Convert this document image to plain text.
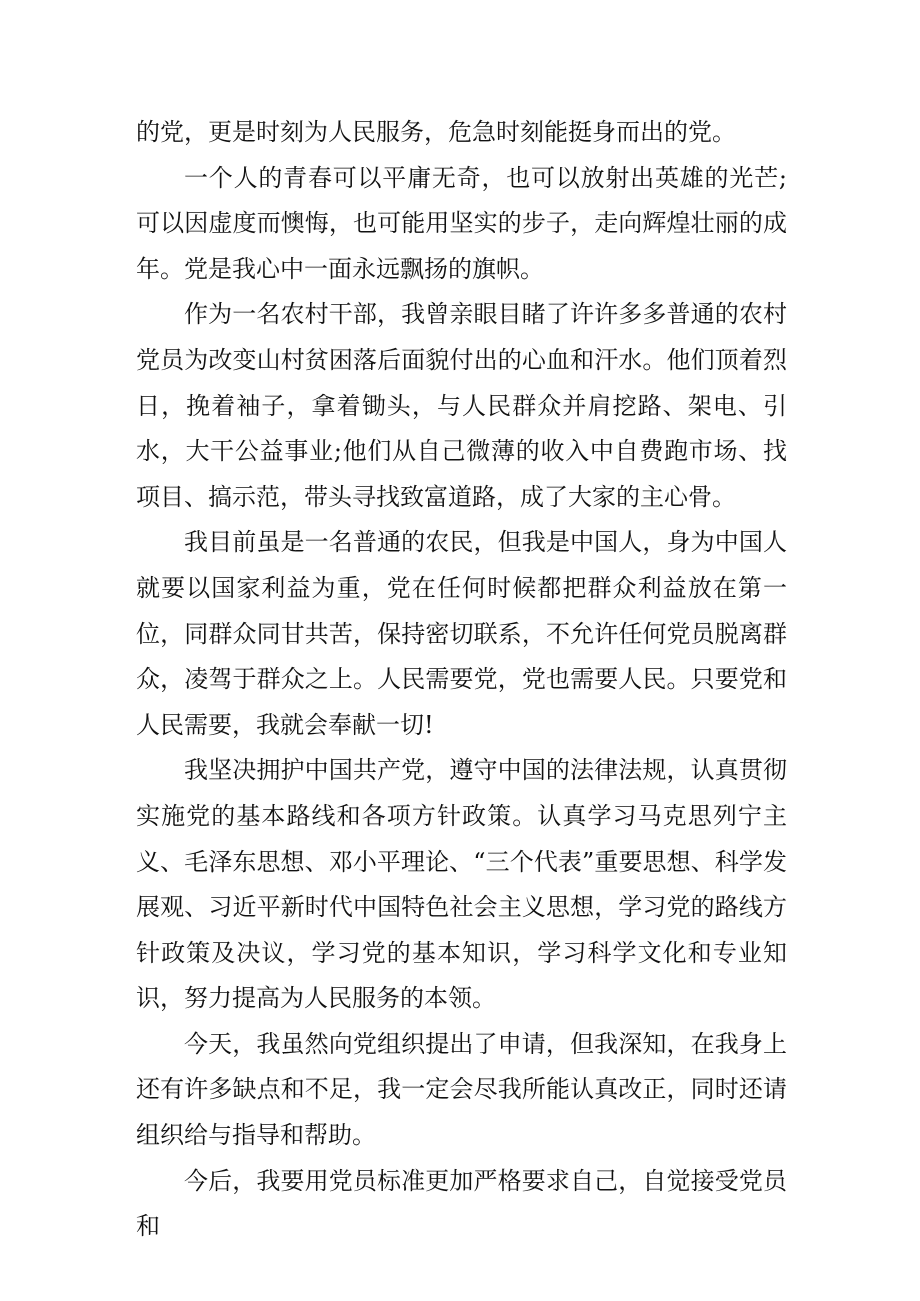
的党，更是时刻为人民服务，危急时刻能挺身而出的党。

一个人的青春可以平庸无奇，也可以放射出英雄的光芒;可以因虚度而懊悔，也可能用坚实的步子，走向辉煌壮丽的成年。党是我心中一面永远飘扬的旗帜。

作为一名农村干部，我曾亲眼目睹了许许多多普通的农村党员为改变山村贫困落后面貌付出的心血和汗水。他们顶着烈日，挽着袖子，拿着锄头，与人民群众并肩挖路、架电、引水，大干公益事业;他们从自己微薄的收入中自费跑市场、找项目、搞示范，带头寻找致富道路，成了大家的主心骨。

我目前虽是一名普通的农民，但我是中国人，身为中国人就要以国家利益为重，党在任何时候都把群众利益放在第一位，同群众同甘共苦，保持密切联系，不允许任何党员脱离群众，凌驾于群众之上。人民需要党，党也需要人民。只要党和人民需要，我就会奉献一切!

我坚决拥护中国共产党，遵守中国的法律法规，认真贯彻实施党的基本路线和各项方针政策。认真学习马克思列宁主义、毛泽东思想、邓小平理论、“三个代表”重要思想、科学发展观、习近平新时代中国特色社会主义思想，学习党的路线方针政策及决议，学习党的基本知识，学习科学文化和专业知识，努力提高为人民服务的本领。

今天，我虽然向党组织提出了申请，但我深知，在我身上还有许多缺点和不足，我一定会尽我所能认真改正，同时还请组织给与指导和帮助。

今后，我要用党员标准更加严格要求自己，自觉接受党员和
